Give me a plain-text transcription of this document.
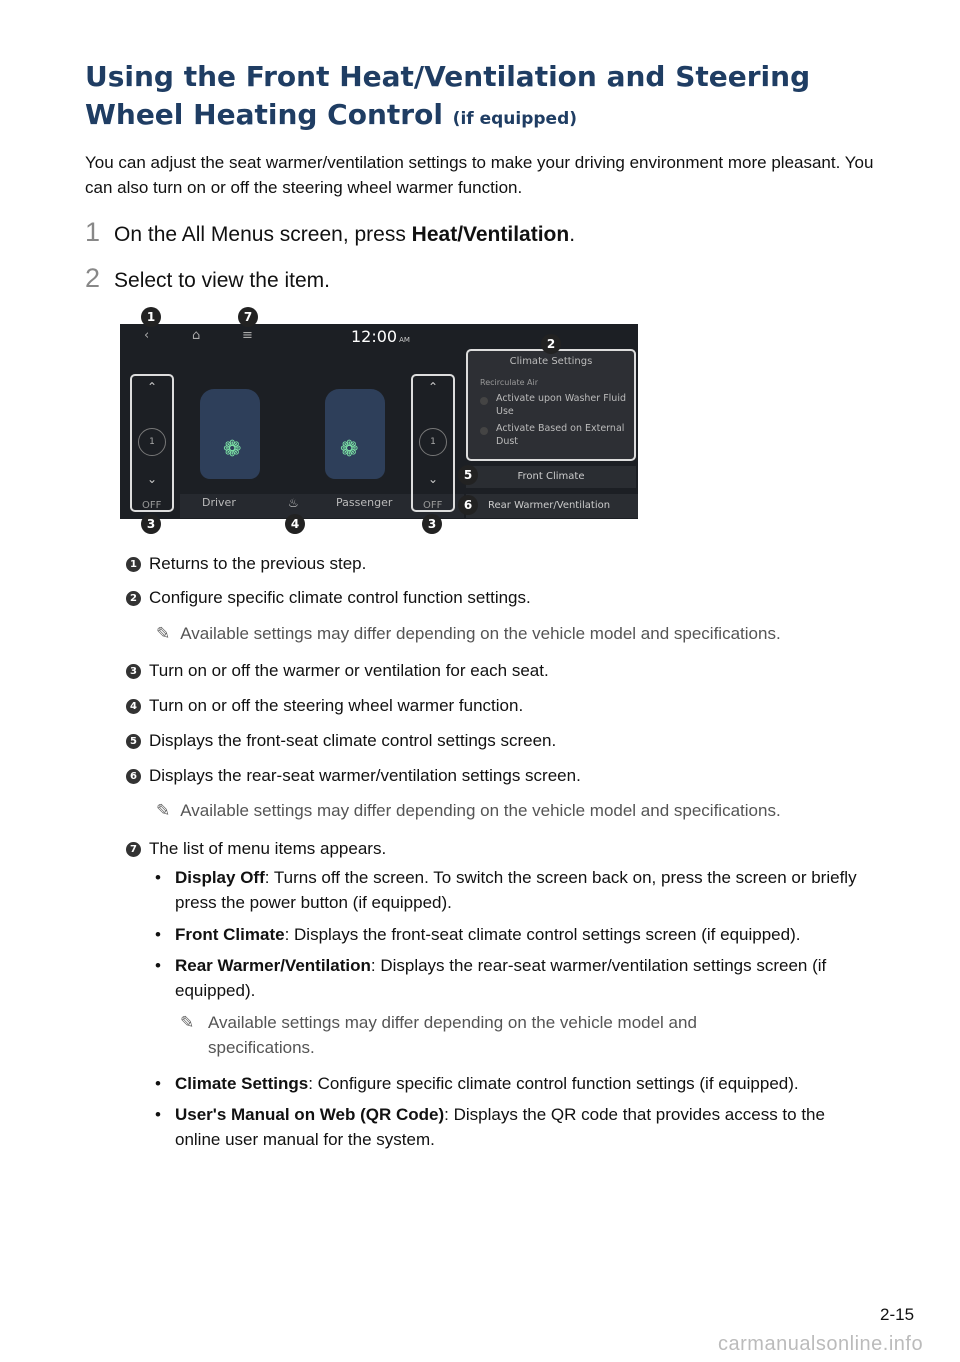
Using the Front Heat/Ventilation and Steering Wheel Heating Control (if equipped)

You can adjust the seat warmer/ventilation settings to make your driving environment more pleasant. You can also turn on or off the steering wheel warmer function.

1 On the All Menus screen, press Heat/Ventilation.
2 Select to view the item.
‹	⌂	≡	12:00 AM
⌃
1
⌄
OFF
❁	❁
Driver	♨	Passenger
⌃
1
⌄
OFF
Climate Settings
Recirculate Air
Activate upon Washer Fluid Use
Activate Based on External Dust
Front Climate
Rear Warmer/Ventilation
1	7
2
5
6
3	4	3
1 Returns to the previous step.
2 Configure specific climate control function settings.
✎ Available settings may differ depending on the vehicle model and specifications.
3 Turn on or off the warmer or ventilation for each seat.
4 Turn on or off the steering wheel warmer function.
5 Displays the front-seat climate control settings screen.
6 Displays the rear-seat warmer/ventilation settings screen.
✎ Available settings may differ depending on the vehicle model and specifications.
7 The list of menu items appears.
• Display Off: Turns off the screen. To switch the screen back on, press the screen or briefly press the power button (if equipped).
• Front Climate: Displays the front-seat climate control settings screen (if equipped).
• Rear Warmer/Ventilation: Displays the rear-seat warmer/ventilation settings screen (if equipped).
✎ Available settings may differ depending on the vehicle model and specifications.
• Climate Settings: Configure specific climate control function settings (if equipped).
• User's Manual on Web (QR Code): Displays the QR code that provides access to the online user manual for the system.
2-15
carmanualsonline.info
